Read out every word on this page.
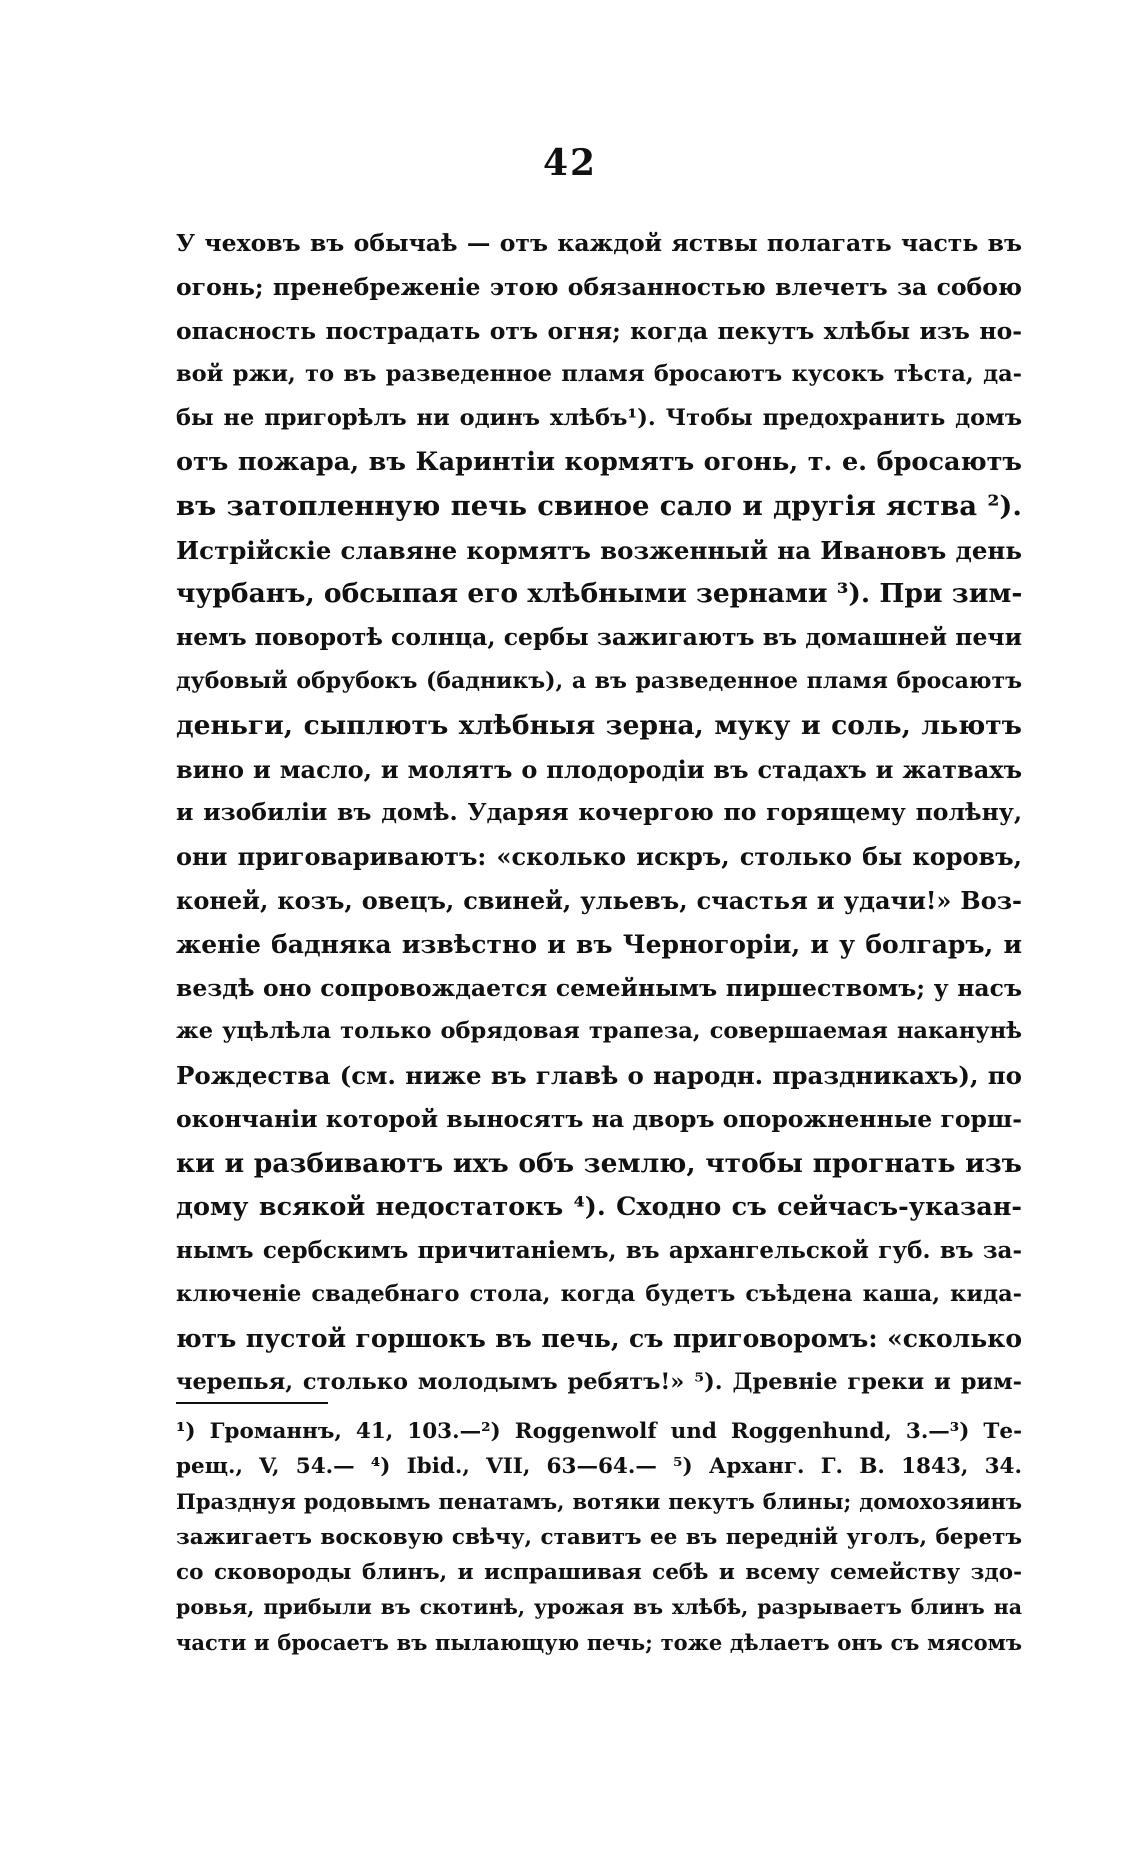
42
У чеховъ въ обычаѣ — отъ каждой яствы полагать часть въ
огонь; пренебреженіе этою обязанностью влечетъ за собою
опасность пострадать отъ огня; когда пекутъ хлѣбы изъ но-
вой ржи, то въ разведенное пламя бросаютъ кусокъ тѣста, да-
бы не пригорѣлъ ни одинъ хлѣбъ¹). Чтобы предохранить домъ
отъ пожара, въ Каринтіи кормятъ огонь, т. е. бросаютъ
въ затопленную печь свиное сало и другія яства ²).
Истрійскіе славяне кормятъ возженный на Ивановъ день
чурбанъ, обсыпая его хлѣбными зернами ³). При зим-
немъ поворотѣ солнца, сербы зажигаютъ въ домашней печи
дубовый обрубокъ (бадникъ), а въ разведенное пламя бросаютъ
деньги, сыплютъ хлѣбныя зерна, муку и соль, льютъ
вино и масло, и молятъ о плодородіи въ стадахъ и жатвахъ
и изобиліи въ домѣ. Ударяя кочергою по горящему полѣну,
они приговариваютъ: «сколько искръ, столько бы коровъ,
коней, козъ, овецъ, свиней, ульевъ, счастья и удачи!» Воз-
женіе бадняка извѣстно и въ Черногоріи, и у болгаръ, и
вездѣ оно сопровождается семейнымъ пиршествомъ; у насъ
же уцѣлѣла только обрядовая трапеза, совершаемая наканунѣ
Рождества (см. ниже въ главѣ о народн. праздникахъ), по
окончаніи которой выносятъ на дворъ опорожненные горш-
ки и разбиваютъ ихъ объ землю, чтобы прогнать изъ
дому всякой недостатокъ ⁴). Сходно съ сейчасъ-указан-
нымъ сербскимъ причитаніемъ, въ архангельской губ. въ за-
ключеніе свадебнаго стола, когда будетъ съѣдена каша, кида-
ютъ пустой горшокъ въ печь, съ приговоромъ: «сколько
черепья, столько молодымъ ребятъ!» ⁵). Древніе греки и рим-
¹) Громаннъ, 41, 103.—²) Roggenwolf und Roggenhund, 3.—³) Те-
рещ., V, 54.— ⁴) Ibid., VII, 63—64.— ⁵) Арханг. Г. В. 1843, 34.
Празднуя родовымъ пенатамъ, вотяки пекутъ блины; домохозяинъ
зажигаетъ восковую свѣчу, ставитъ ее въ передній уголъ, беретъ
со сковороды блинъ, и испрашивая себѣ и всему семейству здо-
ровья, прибыли въ скотинѣ, урожая въ хлѣбѣ, разрываетъ блинъ на
части и бросаетъ въ пылающую печь; тоже дѣлаетъ онъ съ мясомъ
